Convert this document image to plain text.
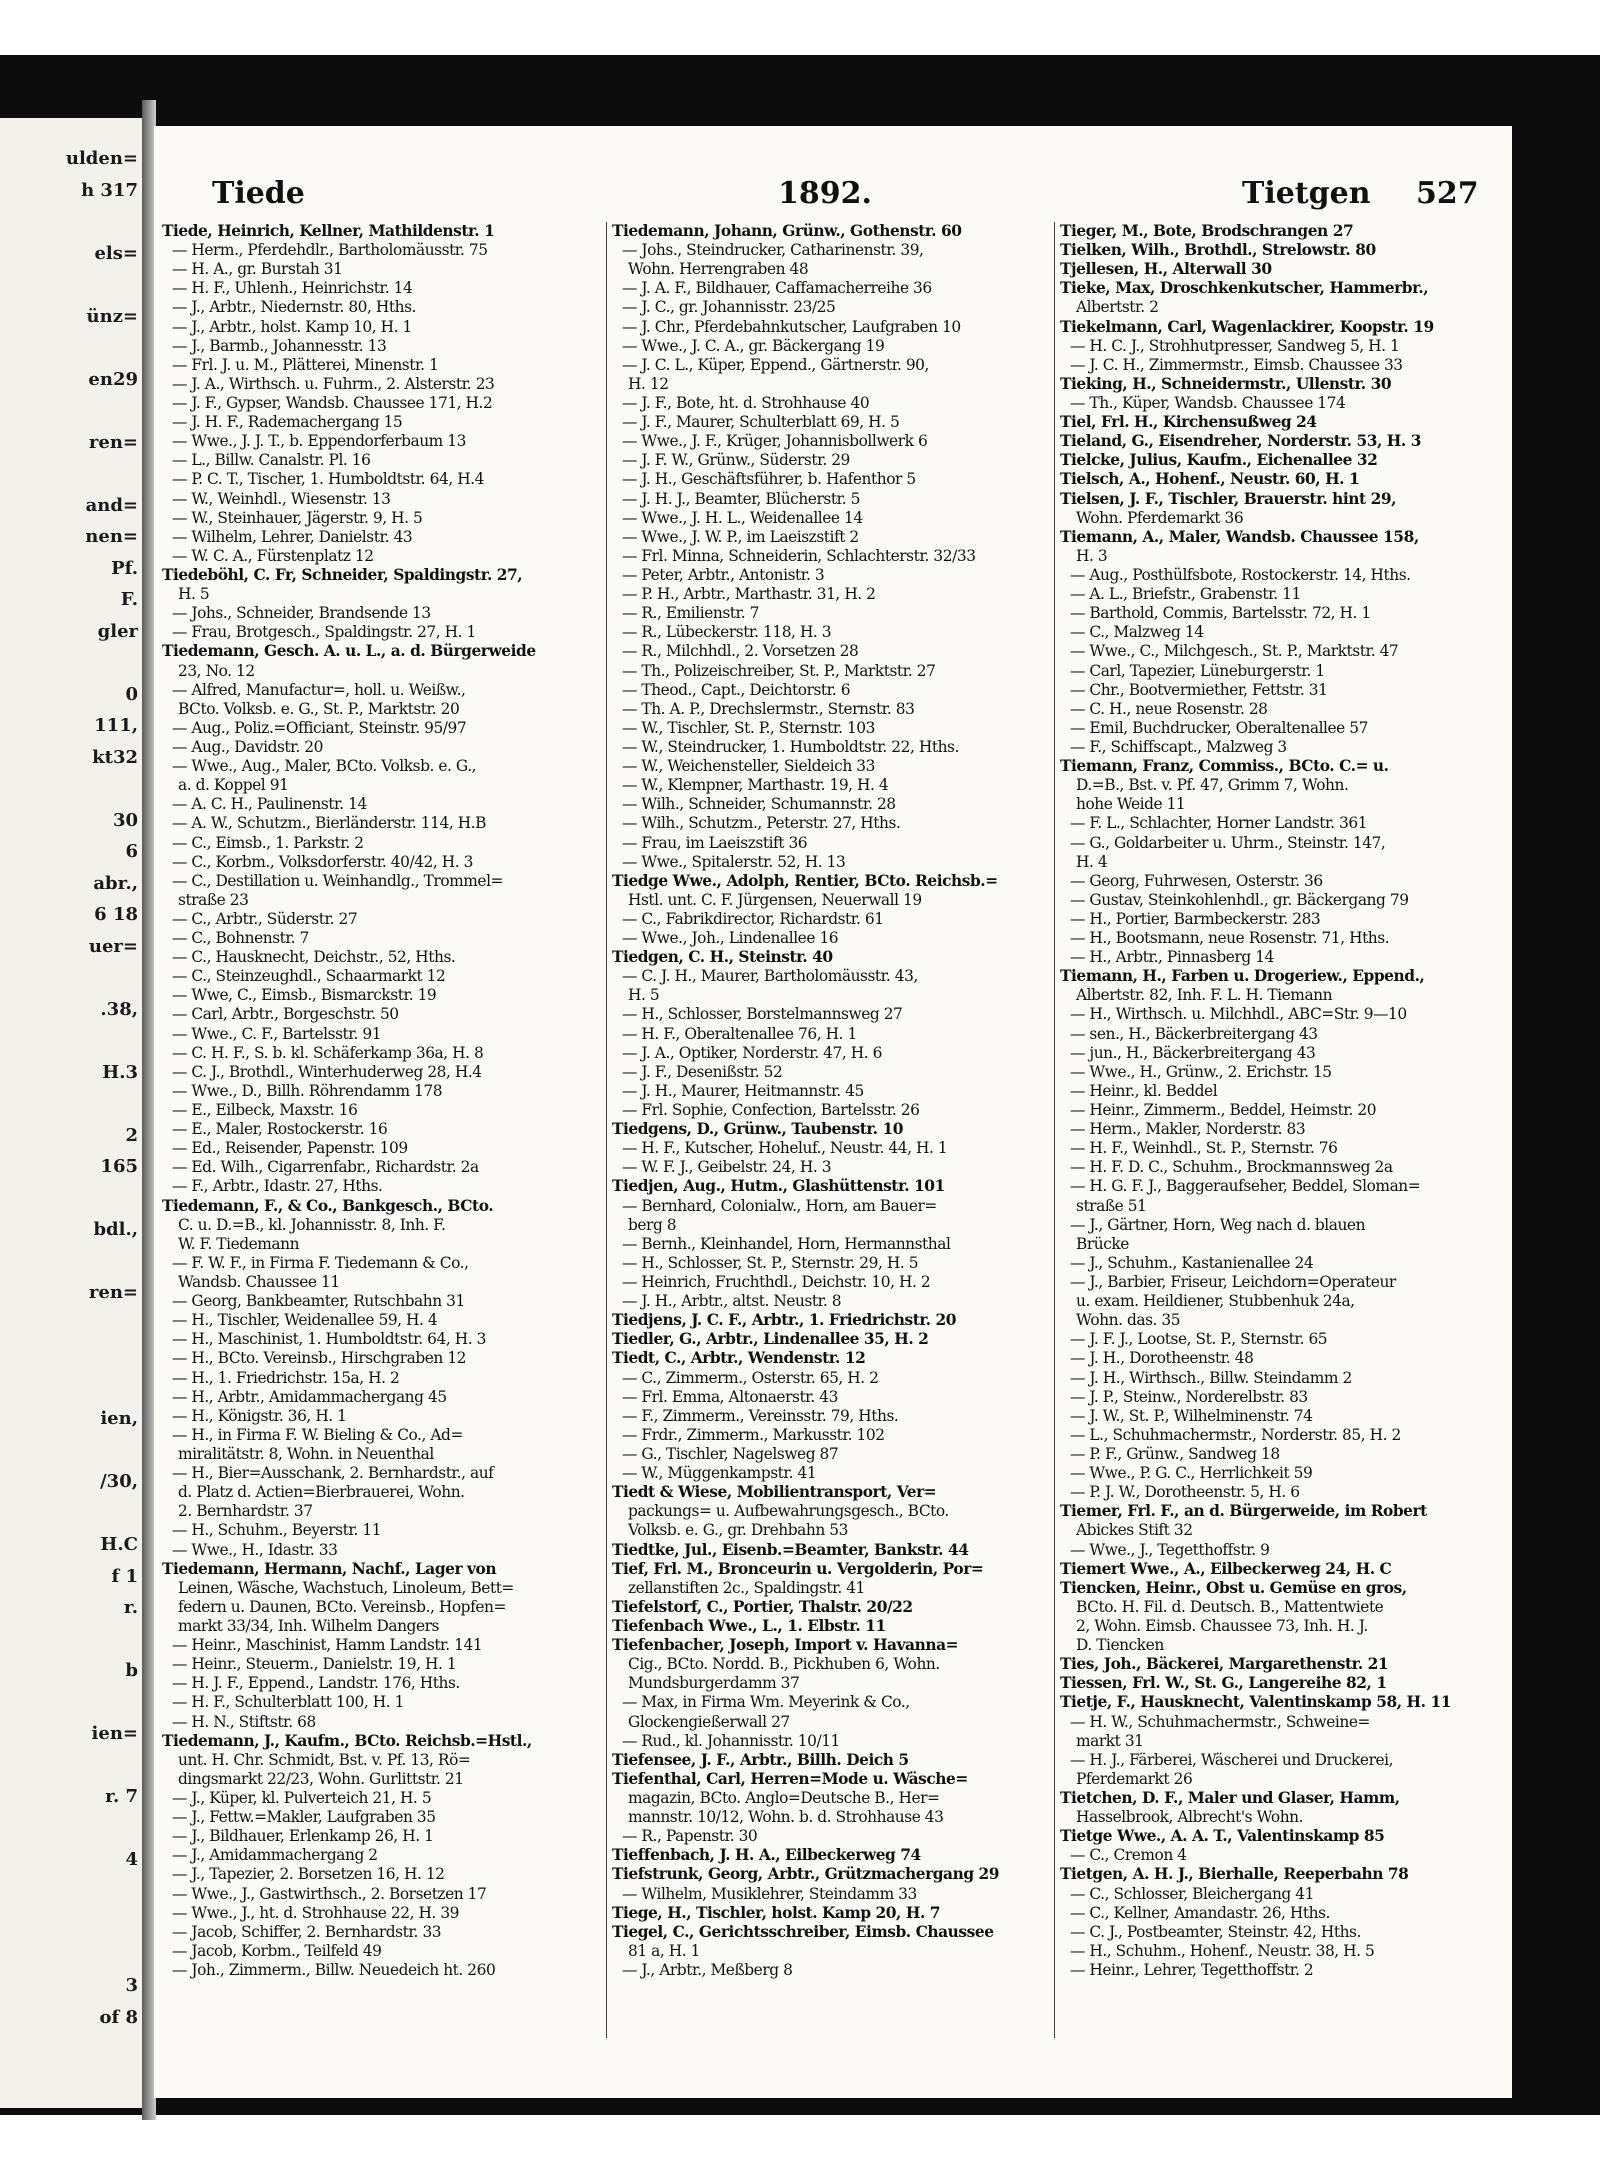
ulden=
h 317
els=
ünz=
en29
ren=
and=
nen=
Pf.
F.
gler
0
111,
kt32
30
6
abr.,
6 18
uer=
.38,
H.3
2
165
bdl.,
ren=
ien,
/30,
H.C
f 1
r.
b
ien=
r. 7
4
3
of 8
Tiede	1892.	Tietgen 527
Tiede, Heinrich, Kellner, Mathildenstr. 1
— Herm., Pferdehdlr., Bartholomäusstr. 75
— H. A., gr. Burstah 31
— H. F., Uhlenh., Heinrichstr. 14
— J., Arbtr., Niedernstr. 80, Hths.
— J., Arbtr., holst. Kamp 10, H. 1
— J., Barmb., Johannesstr. 13
— Frl. J. u. M., Plätterei, Minenstr. 1
— J. A., Wirthsch. u. Fuhrm., 2. Alsterstr. 23
— J. F., Gypser, Wandsb. Chaussee 171, H.2
— J. H. F., Rademachergang 15
— Wwe., J. J. T., b. Eppendorferbaum 13
— L., Billw. Canalstr. Pl. 16
— P. C. T., Tischer, 1. Humboldtstr. 64, H.4
— W., Weinhdl., Wiesenstr. 13
— W., Steinhauer, Jägerstr. 9, H. 5
— Wilhelm, Lehrer, Danielstr. 43
— W. C. A., Fürstenplatz 12
Tiedeböhl, C. Fr, Schneider, Spaldingstr. 27,
H. 5
— Johs., Schneider, Brandsende 13
— Frau, Brotgesch., Spaldingstr. 27, H. 1
Tiedemann, Gesch. A. u. L., a. d. Bürgerweide
23, No. 12
— Alfred, Manufactur=, holl. u. Weißw.,
BCto. Volksb. e. G., St. P., Marktstr. 20
— Aug., Poliz.=Officiant, Steinstr. 95/97
— Aug., Davidstr. 20
— Wwe., Aug., Maler, BCto. Volksb. e. G.,
a. d. Koppel 91
— A. C. H., Paulinenstr. 14
— A. W., Schutzm., Bierländerstr. 114, H.B
— C., Eimsb., 1. Parkstr. 2
— C., Korbm., Volksdorferstr. 40/42, H. 3
— C., Destillation u. Weinhandlg., Trommel=
straße 23
— C., Arbtr., Süderstr. 27
— C., Bohnenstr. 7
— C., Hausknecht, Deichstr., 52, Hths.
— C., Steinzeughdl., Schaarmarkt 12
— Wwe, C., Eimsb., Bismarckstr. 19
— Carl, Arbtr., Borgeschstr. 50
— Wwe., C. F., Bartelsstr. 91
— C. H. F., S. b. kl. Schäferkamp 36a, H. 8
— C. J., Brothdl., Winterhuderweg 28, H.4
— Wwe., D., Billh. Röhrendamm 178
— E., Eilbeck, Maxstr. 16
— E., Maler, Rostockerstr. 16
— Ed., Reisender, Papenstr. 109
— Ed. Wilh., Cigarrenfabr., Richardstr. 2a
— F., Arbtr., Idastr. 27, Hths.
Tiedemann, F., & Co., Bankgesch., BCto.
C. u. D.=B., kl. Johannisstr. 8, Inh. F.
W. F. Tiedemann
— F. W. F., in Firma F. Tiedemann & Co.,
Wandsb. Chaussee 11
— Georg, Bankbeamter, Rutschbahn 31
— H., Tischler, Weidenallee 59, H. 4
— H., Maschinist, 1. Humboldtstr. 64, H. 3
— H., BCto. Vereinsb., Hirschgraben 12
— H., 1. Friedrichstr. 15a, H. 2
— H., Arbtr., Amidammachergang 45
— H., Königstr. 36, H. 1
— H., in Firma F. W. Bieling & Co., Ad=
miralitätstr. 8, Wohn. in Neuenthal
— H., Bier=Ausschank, 2. Bernhardstr., auf
d. Platz d. Actien=Bierbrauerei, Wohn.
2. Bernhardstr. 37
— H., Schuhm., Beyerstr. 11
— Wwe., H., Idastr. 33
Tiedemann, Hermann, Nachf., Lager von
Leinen, Wäsche, Wachstuch, Linoleum, Bett=
federn u. Daunen, BCto. Vereinsb., Hopfen=
markt 33/34, Inh. Wilhelm Dangers
— Heinr., Maschinist, Hamm Landstr. 141
— Heinr., Steuerm., Danielstr. 19, H. 1
— H. J. F., Eppend., Landstr. 176, Hths.
— H. F., Schulterblatt 100, H. 1
— H. N., Stiftstr. 68
Tiedemann, J., Kaufm., BCto. Reichsb.=Hstl.,
unt. H. Chr. Schmidt, Bst. v. Pf. 13, Rö=
dingsmarkt 22/23, Wohn. Gurlittstr. 21
— J., Küper, kl. Pulverteich 21, H. 5
— J., Fettw.=Makler, Laufgraben 35
— J., Bildhauer, Erlenkamp 26, H. 1
— J., Amidammachergang 2
— J., Tapezier, 2. Borsetzen 16, H. 12
— Wwe., J., Gastwirthsch., 2. Borsetzen 17
— Wwe., J., ht. d. Strohhause 22, H. 39
— Jacob, Schiffer, 2. Bernhardstr. 33
— Jacob, Korbm., Teilfeld 49
— Joh., Zimmerm., Billw. Neuedeich ht. 260
Tiedemann, Johann, Grünw., Gothenstr. 60
— Johs., Steindrucker, Catharinenstr. 39,
Wohn. Herrengraben 48
— J. A. F., Bildhauer, Caffamacherreihe 36
— J. C., gr. Johannisstr. 23/25
— J. Chr., Pferdebahnkutscher, Laufgraben 10
— Wwe., J. C. A., gr. Bäckergang 19
— J. C. L., Küper, Eppend., Gärtnerstr. 90,
H. 12
— J. F., Bote, ht. d. Strohhause 40
— J. F., Maurer, Schulterblatt 69, H. 5
— Wwe., J. F., Krüger, Johannisbollwerk 6
— J. F. W., Grünw., Süderstr. 29
— J. H., Geschäftsführer, b. Hafenthor 5
— J. H. J., Beamter, Blücherstr. 5
— Wwe., J. H. L., Weidenallee 14
— Wwe., J. W. P., im Laeiszstift 2
— Frl. Minna, Schneiderin, Schlachterstr. 32/33
— Peter, Arbtr., Antonistr. 3
— P. H., Arbtr., Marthastr. 31, H. 2
— R., Emilienstr. 7
— R., Lübeckerstr. 118, H. 3
— R., Milchhdl., 2. Vorsetzen 28
— Th., Polizeischreiber, St. P., Marktstr. 27
— Theod., Capt., Deichtorstr. 6
— Th. A. P., Drechslermstr., Sternstr. 83
— W., Tischler, St. P., Sternstr. 103
— W., Steindrucker, 1. Humboldtstr. 22, Hths.
— W., Weichensteller, Sieldeich 33
— W., Klempner, Marthastr. 19, H. 4
— Wilh., Schneider, Schumannstr. 28
— Wilh., Schutzm., Peterstr. 27, Hths.
— Frau, im Laeiszstift 36
— Wwe., Spitalerstr. 52, H. 13
Tiedge Wwe., Adolph, Rentier, BCto. Reichsb.=
Hstl. unt. C. F. Jürgensen, Neuerwall 19
— C., Fabrikdirector, Richardstr. 61
— Wwe., Joh., Lindenallee 16
Tiedgen, C. H., Steinstr. 40
— C. J. H., Maurer, Bartholomäusstr. 43,
H. 5
— H., Schlosser, Borstelmannsweg 27
— H. F., Oberaltenallee 76, H. 1
— J. A., Optiker, Norderstr. 47, H. 6
— J. F., Desenißstr. 52
— J. H., Maurer, Heitmannstr. 45
— Frl. Sophie, Confection, Bartelsstr. 26
Tiedgens, D., Grünw., Taubenstr. 10
— H. F., Kutscher, Hoheluf., Neustr. 44, H. 1
— W. F. J., Geibelstr. 24, H. 3
Tiedjen, Aug., Hutm., Glashüttenstr. 101
— Bernhard, Colonialw., Horn, am Bauer=
berg 8
— Bernh., Kleinhandel, Horn, Hermannsthal
— H., Schlosser, St. P., Sternstr. 29, H. 5
— Heinrich, Fruchthdl., Deichstr. 10, H. 2
— J. H., Arbtr., altst. Neustr. 8
Tiedjens, J. C. F., Arbtr., 1. Friedrichstr. 20
Tiedler, G., Arbtr., Lindenallee 35, H. 2
Tiedt, C., Arbtr., Wendenstr. 12
— C., Zimmerm., Osterstr. 65, H. 2
— Frl. Emma, Altonaerstr. 43
— F., Zimmerm., Vereinsstr. 79, Hths.
— Frdr., Zimmerm., Markusstr. 102
— G., Tischler, Nagelsweg 87
— W., Müggenkampstr. 41
Tiedt & Wiese, Mobilientransport, Ver=
packungs= u. Aufbewahrungsgesch., BCto.
Volksb. e. G., gr. Drehbahn 53
Tiedtke, Jul., Eisenb.=Beamter, Bankstr. 44
Tief, Frl. M., Bronceurin u. Vergolderin, Por=
zellanstiften 2c., Spaldingstr. 41
Tiefelstorf, C., Portier, Thalstr. 20/22
Tiefenbach Wwe., L., 1. Elbstr. 11
Tiefenbacher, Joseph, Import v. Havanna=
Cig., BCto. Nordd. B., Pickhuben 6, Wohn.
Mundsburgerdamm 37
— Max, in Firma Wm. Meyerink & Co.,
Glockengießerwall 27
— Rud., kl. Johannisstr. 10/11
Tiefensee, J. F., Arbtr., Billh. Deich 5
Tiefenthal, Carl, Herren=Mode u. Wäsche=
magazin, BCto. Anglo=Deutsche B., Her=
mannstr. 10/12, Wohn. b. d. Strohhause 43
— R., Papenstr. 30
Tieffenbach, J. H. A., Eilbeckerweg 74
Tiefstrunk, Georg, Arbtr., Grützmachergang 29
— Wilhelm, Musiklehrer, Steindamm 33
Tiege, H., Tischler, holst. Kamp 20, H. 7
Tiegel, C., Gerichtsschreiber, Eimsb. Chaussee
81 a, H. 1
— J., Arbtr., Meßberg 8
Tieger, M., Bote, Brodschrangen 27
Tielken, Wilh., Brothdl., Strelowstr. 80
Tjellesen, H., Alterwall 30
Tieke, Max, Droschkenkutscher, Hammerbr.,
Albertstr. 2
Tiekelmann, Carl, Wagenlackirer, Koopstr. 19
— H. C. J., Strohhutpresser, Sandweg 5, H. 1
— J. C. H., Zimmermstr., Eimsb. Chaussee 33
Tieking, H., Schneidermstr., Ullenstr. 30
— Th., Küper, Wandsb. Chaussee 174
Tiel, Frl. H., Kirchensußweg 24
Tieland, G., Eisendreher, Norderstr. 53, H. 3
Tielcke, Julius, Kaufm., Eichenallee 32
Tielsch, A., Hohenf., Neustr. 60, H. 1
Tielsen, J. F., Tischler, Brauerstr. hint 29,
Wohn. Pferdemarkt 36
Tiemann, A., Maler, Wandsb. Chaussee 158,
H. 3
— Aug., Posthülfsbote, Rostockerstr. 14, Hths.
— A. L., Briefstr., Grabenstr. 11
— Barthold, Commis, Bartelsstr. 72, H. 1
— C., Malzweg 14
— Wwe., C., Milchgesch., St. P., Marktstr. 47
— Carl, Tapezier, Lüneburgerstr. 1
— Chr., Bootvermiether, Fettstr. 31
— C. H., neue Rosenstr. 28
— Emil, Buchdrucker, Oberaltenallee 57
— F., Schiffscapt., Malzweg 3
Tiemann, Franz, Commiss., BCto. C.= u.
D.=B., Bst. v. Pf. 47, Grimm 7, Wohn.
hohe Weide 11
— F. L., Schlachter, Horner Landstr. 361
— G., Goldarbeiter u. Uhrm., Steinstr. 147,
H. 4
— Georg, Fuhrwesen, Osterstr. 36
— Gustav, Steinkohlenhdl., gr. Bäckergang 79
— H., Portier, Barmbeckerstr. 283
— H., Bootsmann, neue Rosenstr. 71, Hths.
— H., Arbtr., Pinnasberg 14
Tiemann, H., Farben u. Drogeriew., Eppend.,
Albertstr. 82, Inh. F. L. H. Tiemann
— H., Wirthsch. u. Milchhdl., ABC=Str. 9—10
— sen., H., Bäckerbreitergang 43
— jun., H., Bäckerbreitergang 43
— Wwe., H., Grünw., 2. Erichstr. 15
— Heinr., kl. Beddel
— Heinr., Zimmerm., Beddel, Heimstr. 20
— Herm., Makler, Norderstr. 83
— H. F., Weinhdl., St. P., Sternstr. 76
— H. F. D. C., Schuhm., Brockmannsweg 2a
— H. G. F. J., Baggeraufseher, Beddel, Sloman=
straße 51
— J., Gärtner, Horn, Weg nach d. blauen
Brücke
— J., Schuhm., Kastanienallee 24
— J., Barbier, Friseur, Leichdorn=Operateur
u. exam. Heildiener, Stubbenhuk 24a,
Wohn. das. 35
— J. F. J., Lootse, St. P., Sternstr. 65
— J. H., Dorotheenstr. 48
— J. H., Wirthsch., Billw. Steindamm 2
— J. P., Steinw., Norderelbstr. 83
— J. W., St. P., Wilhelminenstr. 74
— L., Schuhmachermstr., Norderstr. 85, H. 2
— P. F., Grünw., Sandweg 18
— Wwe., P. G. C., Herrlichkeit 59
— P. J. W., Dorotheenstr. 5, H. 6
Tiemer, Frl. F., an d. Bürgerweide, im Robert
Abickes Stift 32
— Wwe., J., Tegetthoffstr. 9
Tiemert Wwe., A., Eilbeckerweg 24, H. C
Tiencken, Heinr., Obst u. Gemüse en gros,
BCto. H. Fil. d. Deutsch. B., Mattentwiete
2, Wohn. Eimsb. Chaussee 73, Inh. H. J.
D. Tiencken
Ties, Joh., Bäckerei, Margarethenstr. 21
Tiessen, Frl. W., St. G., Langereihe 82, 1
Tietje, F., Hausknecht, Valentinskamp 58, H. 11
— H. W., Schuhmachermstr., Schweine=
markt 31
— H. J., Färberei, Wäscherei und Druckerei,
Pferdemarkt 26
Tietchen, D. F., Maler und Glaser, Hamm,
Hasselbrook, Albrecht's Wohn.
Tietge Wwe., A. A. T., Valentinskamp 85
— C., Cremon 4
Tietgen, A. H. J., Bierhalle, Reeperbahn 78
— C., Schlosser, Bleichergang 41
— C., Kellner, Amandastr. 26, Hths.
— C. J., Postbeamter, Steinstr. 42, Hths.
— H., Schuhm., Hohenf., Neustr. 38, H. 5
— Heinr., Lehrer, Tegetthoffstr. 2
